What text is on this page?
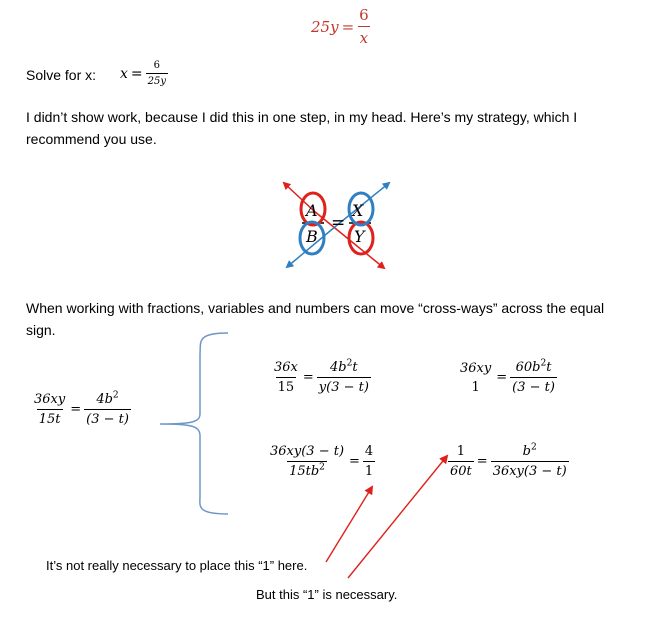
$25y = \frac{6}{x}$
Solve for x: $x = \frac{6}{25y}$
I didn’t show work, because I did this in one step, in my head. Here’s my strategy, which I recommend you use.
=
A
B
X
Y
When working with fractions, variables and numbers can move “cross-ways” across the equal sign.
$\frac{36xy}{15t} = \frac{4b^2}{(3 - t)}$
$\frac{36x}{15} = \frac{4b^2t}{y(3 - t)}$	36xy
1
= $\frac{60b^2t}{(3 - t)}$
$\frac{36xy(3 - t)}{15tb^2} = \frac{4}{1}$	$\frac{1}{60t} = \frac{b^2}{36xy(3 - t)}$
It’s not really necessary to place this “1” here.
But this “1” is necessary.
